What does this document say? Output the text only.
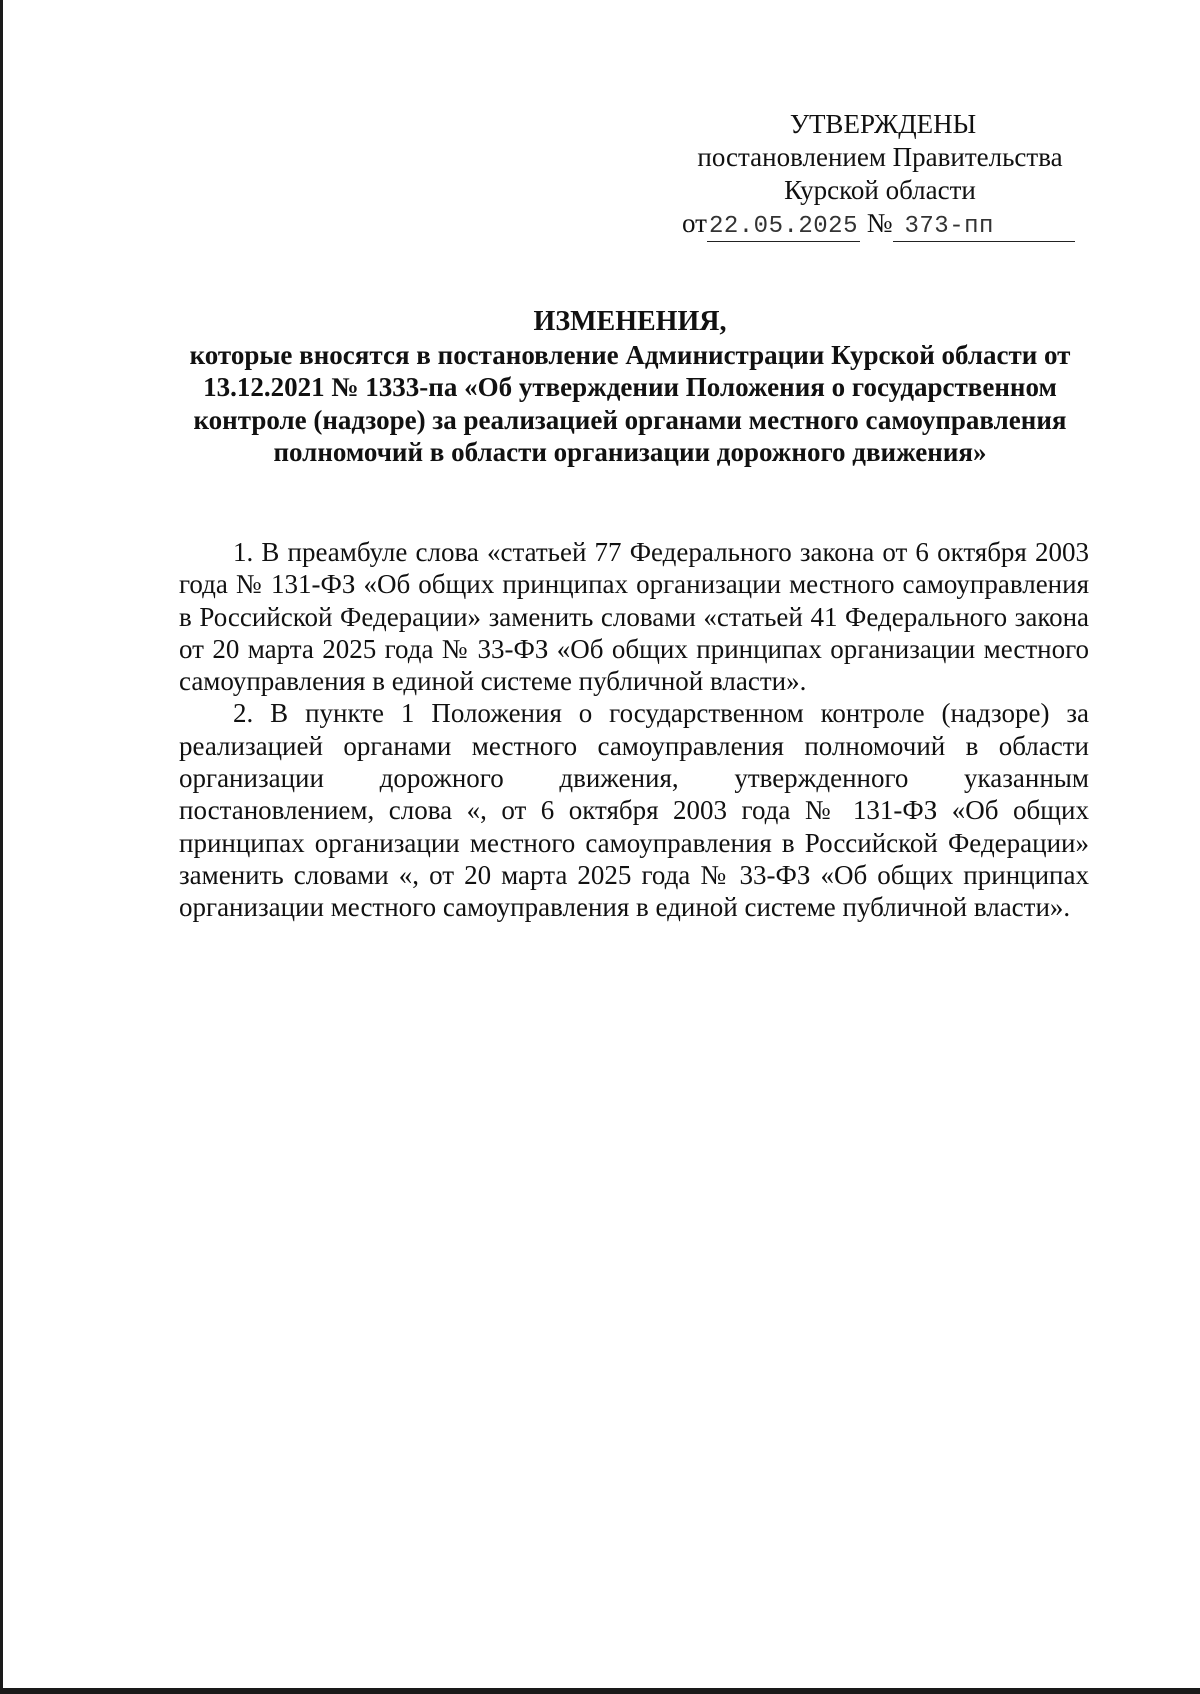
УТВЕРЖДЕНЫ
постановлением Правительства
Курской области
от22.05.2025 № 373-пп
ИЗМЕНЕНИЯ,
которые вносятся в постановление Администрации Курской области от 13.12.2021 № 1333-па «Об утверждении Положения о государственном контроле (надзоре) за реализацией органами местного самоуправления полномочий в области организации дорожного движения»

1. В преамбуле слова «статьей 77 Федерального закона от 6 октября 2003 года № 131-ФЗ «Об общих принципах организации местного самоуправления в Российской Федерации» заменить словами «статьей 41 Федерального закона от 20 марта 2025 года № 33-ФЗ «Об общих принципах организации местного самоуправления в единой системе публичной власти».

2. В пункте 1 Положения о государственном контроле (надзоре) за реализацией органами местного самоуправления полномочий в области организации дорожного движения, утвержденного указанным постановлением, слова «, от 6 октября 2003 года № 131-ФЗ «Об общих принципах организации местного самоуправления в Российской Федерации» заменить словами «, от 20 марта 2025 года № 33-ФЗ «Об общих принципах организации местного самоуправления в единой системе публичной власти».
